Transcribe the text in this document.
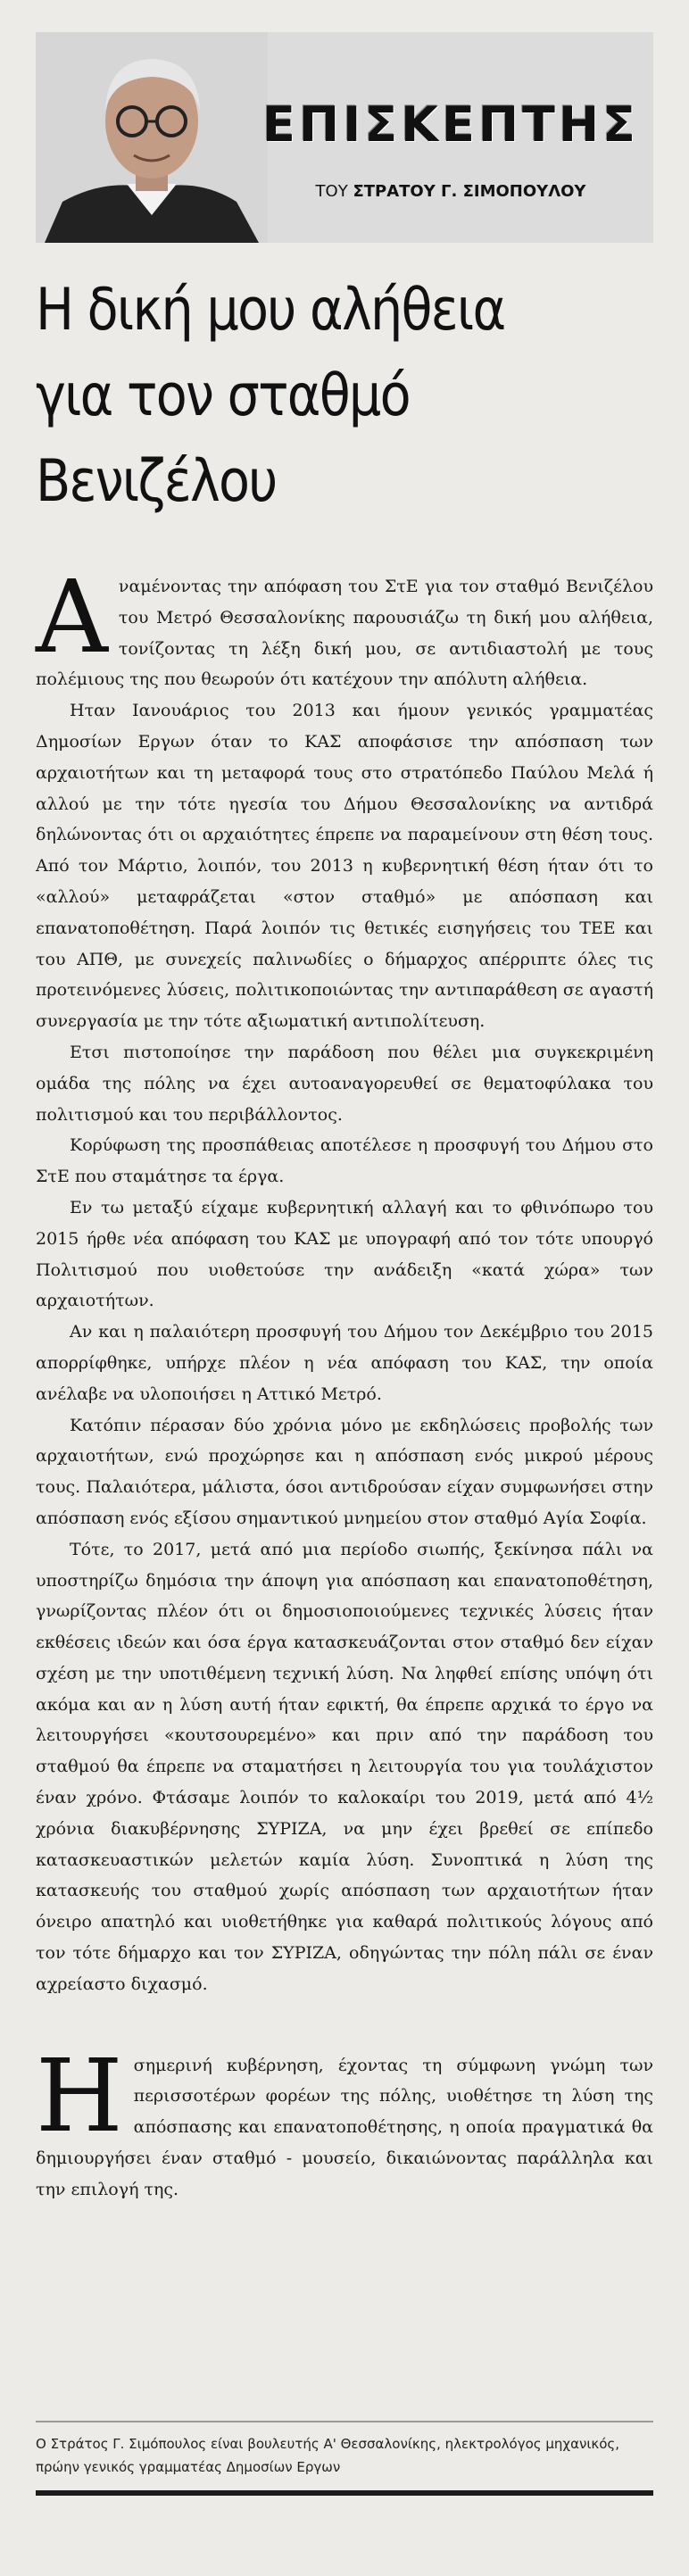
ΕΠΙΣΚΕΠΤΗΣ
ΤΟΥ ΣΤΡΑΤΟΥ Γ. ΣΙΜΟΠΟΥΛΟΥ
Η δική μου αλήθεια
για τον σταθμό
Βενιζέλου

Αναμένοντας την απόφαση του ΣτΕ για τον σταθμό Βενιζέλου του Μετρό Θεσσαλονίκης παρουσιάζω τη δική μου αλήθεια, τονίζοντας τη λέξη δική μου, σε αντιδιαστολή με τους πολέμιους της που θεωρούν ότι κατέχουν την απόλυτη αλήθεια.

Ηταν Ιανουάριος του 2013 και ήμουν γενικός γραμματέας Δημοσίων Εργων όταν το ΚΑΣ αποφάσισε την απόσπαση των αρχαιοτήτων και τη μεταφορά τους στο στρατόπεδο Παύλου Μελά ή αλλού με την τότε ηγεσία του Δήμου Θεσσαλονίκης να αντιδρά δηλώνοντας ότι οι αρχαιότητες έπρεπε να παραμείνουν στη θέση τους. Από τον Μάρτιο, λοιπόν, του 2013 η κυβερνητική θέση ήταν ότι το «αλλού» μεταφράζεται «στον σταθμό» με απόσπαση και επανατοποθέτηση. Παρά λοιπόν τις θετικές εισηγήσεις του ΤΕΕ και του ΑΠΘ, με συνεχείς παλινωδίες ο δήμαρχος απέρριπτε όλες τις προτεινόμενες λύσεις, πολιτικοποιώντας την αντιπαράθεση σε αγαστή συνεργασία με την τότε αξιωματική αντιπολίτευση.

Ετσι πιστοποίησε την παράδοση που θέλει μια συγκεκριμένη ομάδα της πόλης να έχει αυτοαναγορευθεί σε θεματοφύλακα του πολιτισμού και του περιβάλλοντος.

Κορύφωση της προσπάθειας αποτέλεσε η προσφυγή του Δήμου στο ΣτΕ που σταμάτησε τα έργα.

Εν τω μεταξύ είχαμε κυβερνητική αλλαγή και το φθινόπωρο του 2015 ήρθε νέα απόφαση του ΚΑΣ με υπογραφή από τον τότε υπουργό Πολιτισμού που υιοθετούσε την ανάδειξη «κατά χώρα» των αρχαιοτήτων.

Αν και η παλαιότερη προσφυγή του Δήμου τον Δεκέμβριο του 2015 απορρίφθηκε, υπήρχε πλέον η νέα απόφαση του ΚΑΣ, την οποία ανέλαβε να υλοποιήσει η Αττικό Μετρό.

Κατόπιν πέρασαν δύο χρόνια μόνο με εκδηλώσεις προβολής των αρχαιοτήτων, ενώ προχώρησε και η απόσπαση ενός μικρού μέρους τους. Παλαιότερα, μάλιστα, όσοι αντιδρούσαν είχαν συμφωνήσει στην απόσπαση ενός εξίσου σημαντικού μνημείου στον σταθμό Αγία Σοφία.

Τότε, το 2017, μετά από μια περίοδο σιωπής, ξεκίνησα πάλι να υποστηρίζω δημόσια την άποψη για απόσπαση και επανατοποθέτηση, γνωρίζοντας πλέον ότι οι δημοσιοποιούμενες τεχνικές λύσεις ήταν εκθέσεις ιδεών και όσα έργα κατασκευάζονται στον σταθμό δεν είχαν σχέση με την υποτιθέμενη τεχνική λύση. Να ληφθεί επίσης υπόψη ότι ακόμα και αν η λύση αυτή ήταν εφικτή, θα έπρεπε αρχικά το έργο να λειτουργήσει «κουτσουρεμένο» και πριν από την παράδοση του σταθμού θα έπρεπε να σταματήσει η λειτουργία του για τουλάχιστον έναν χρόνο. Φτάσαμε λοιπόν το καλοκαίρι του 2019, μετά από 4½ χρόνια διακυβέρνησης ΣΥΡΙΖΑ, να μην έχει βρεθεί σε επίπεδο κατασκευαστικών μελετών καμία λύση. Συνοπτικά η λύση της κατασκευής του σταθμού χωρίς απόσπαση των αρχαιοτήτων ήταν όνειρο απατηλό και υιοθετήθηκε για καθαρά πολιτικούς λόγους από τον τότε δήμαρχο και τον ΣΥΡΙΖΑ, οδηγώντας την πόλη πάλι σε έναν αχρείαστο διχασμό.

Ησημερινή κυβέρνηση, έχοντας τη σύμφωνη γνώμη των περισσοτέρων φορέων της πόλης, υιοθέτησε τη λύση της απόσπασης και επανατοποθέτησης, η οποία πραγματικά θα δημιουργήσει έναν σταθμό - μουσείο, δικαιώνοντας παράλληλα και την επιλογή της.

Ο Στράτος Γ. Σιμόπουλος είναι βουλευτής Α' Θεσσαλονίκης, ηλεκτρολόγος μηχανικός, πρώην γενικός γραμματέας Δημοσίων Εργων
